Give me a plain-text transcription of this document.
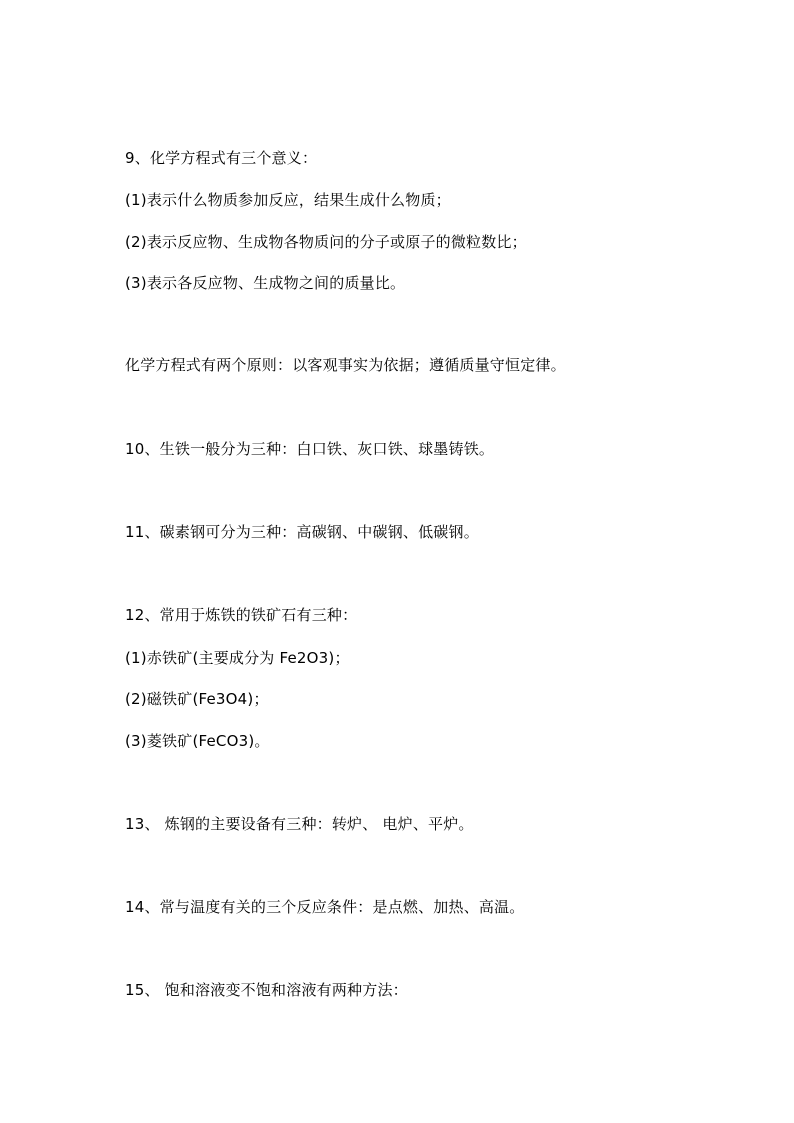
9、化学方程式有三个意义：
(1)表示什么物质参加反应，结果生成什么物质；
(2)表示反应物、生成物各物质问的分子或原子的微粒数比；
(3)表示各反应物、生成物之间的质量比。
化学方程式有两个原则：以客观事实为依据；遵循质量守恒定律。
10、生铁一般分为三种：白口铁、灰口铁、球墨铸铁。
11、碳素钢可分为三种：高碳钢、中碳钢、低碳钢。
12、常用于炼铁的铁矿石有三种：
(1)赤铁矿(主要成分为 Fe2O3)；
(2)磁铁矿(Fe3O4)；
(3)菱铁矿(FeCO3)。
13、 炼钢的主要设备有三种：转炉、 电炉、平炉。
14、常与温度有关的三个反应条件：是点燃、加热、高温。
15、 饱和溶液变不饱和溶液有两种方法：
